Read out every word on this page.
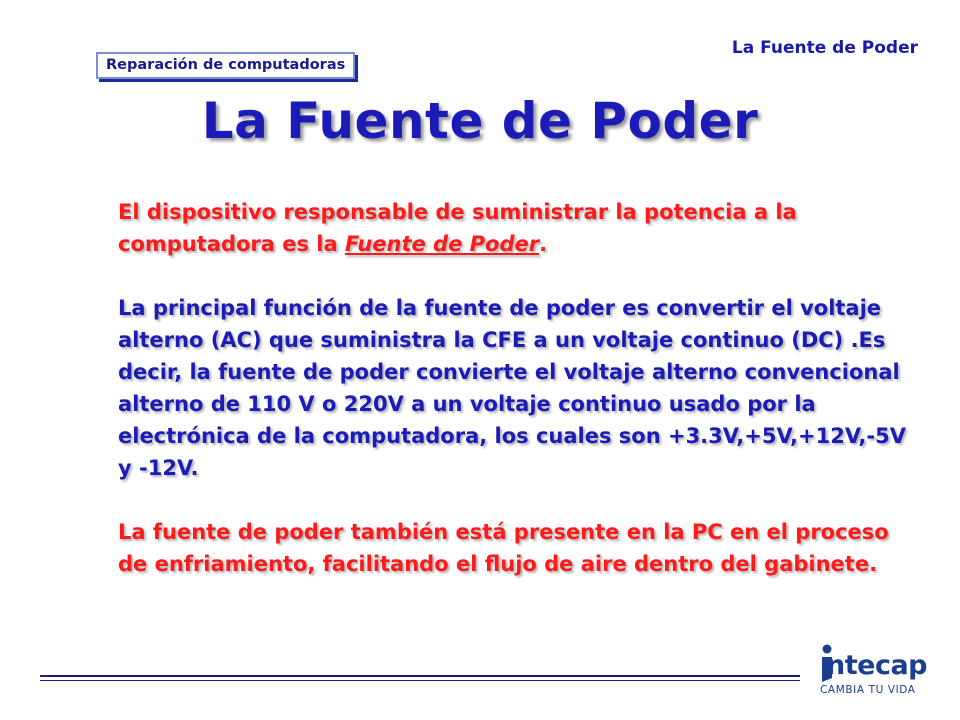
La Fuente de Poder
Reparación de computadoras
La Fuente de Poder

El dispositivo responsable de suministrar la potencia a la computadora es la Fuente de Poder.

La principal función de la fuente de poder es convertir el voltaje alterno (AC) que suministra la CFE a un voltaje continuo (DC) .Es decir, la fuente de poder convierte el voltaje alterno convencional alterno de 110 V o 220V a un voltaje continuo usado por la electrónica de la computadora, los cuales son +3.3V,+5V,+12V,-5V y -12V.

La fuente de poder también está presente en la PC en el proceso de enfriamiento, facilitando el flujo de aire dentro del gabinete.

ntecap
CAMBIA TU VIDA
